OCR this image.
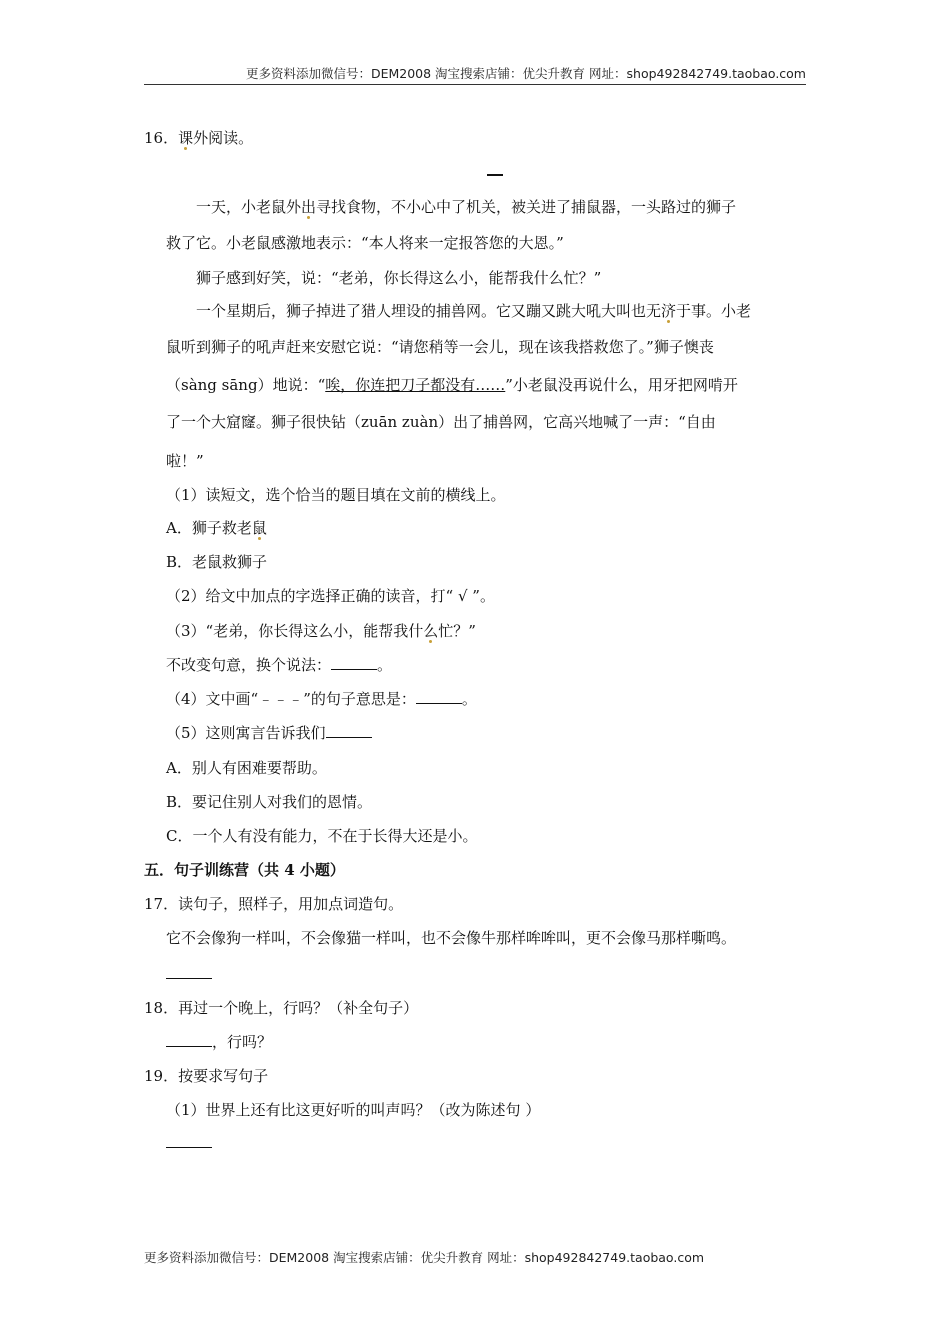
更多资料添加微信号：DEM2008 淘宝搜索店铺：优尖升教育 网址：shop492842749.taobao.com
16．课外阅读。
一天，小老鼠外出寻找食物，不小心中了机关，被关进了捕鼠器，一头路过的狮子
救了它。小老鼠感激地表示：“本人将来一定报答您的大恩。”
狮子感到好笑，说：“老弟，你长得这么小，能帮我什么忙？”
一个星期后，狮子掉进了猎人埋设的捕兽网。它又蹦又跳大吼大叫也无济于事。小老
鼠听到狮子的吼声赶来安慰它说：“请您稍等一会儿，现在该我搭救您了。”狮子懊丧
（sàng sāng）地说：“唉，你连把刀子都没有……”小老鼠没再说什么，用牙把网啃开
了一个大窟窿。狮子很快钻（zuān zuàn）出了捕兽网，它高兴地喊了一声：“自由
啦！”
（1）读短文，选个恰当的题目填在文前的横线上。
A．狮子救老鼠
B．老鼠救狮子
（2）给文中加点的字选择正确的读音，打“ √ ”。
（3）“老弟，你长得这么小，能帮我什么忙？”
不改变句意，换个说法：	。
（4）文中画“﹣﹣﹣”的句子意思是：	。
（5）这则寓言告诉我们
A．别人有困难要帮助。
B．要记住别人对我们的恩情。
C．一个人有没有能力，不在于长得大还是小。
五．句子训练营（共 4 小题）
17．读句子，照样子，用加点词造句。
它不会像狗一样叫，不会像猫一样叫，也不会像牛那样哞哞叫，更不会像马那样嘶鸣。
18．再过一个晚上，行吗？（补全句子）
，行吗？
19．按要求写句子
（1）世界上还有比这更好听的叫声吗？（改为陈述句 ）
更多资料添加微信号：DEM2008 淘宝搜索店铺：优尖升教育 网址：shop492842749.taobao.com
